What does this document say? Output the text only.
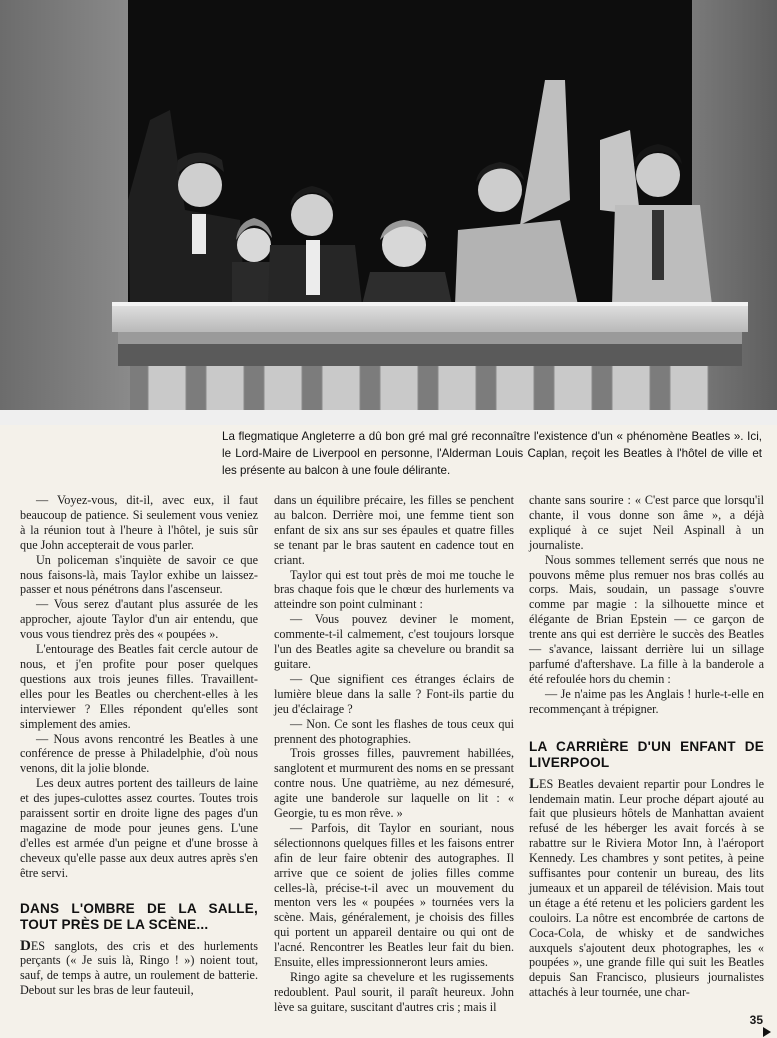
La flegmatique Angleterre a dû bon gré mal gré reconnaître l'existence d'un « phénomène Beatles ». Ici, le Lord-Maire de Liverpool en personne, l'Alderman Louis Caplan, reçoit les Beatles à l'hôtel de ville et les présente au balcon à une foule délirante.

— Voyez-vous, dit-il, avec eux, il faut beaucoup de patience. Si seulement vous veniez à la réunion tout à l'heure à l'hôtel, je suis sûr que John accepterait de vous parler.

Un policeman s'inquiète de savoir ce que nous faisons-là, mais Taylor exhibe un laissez-passer et nous pénétrons dans l'ascenseur.

— Vous serez d'autant plus assurée de les approcher, ajoute Taylor d'un air entendu, que vous vous tiendrez près des « poupées ».

L'entourage des Beatles fait cercle autour de nous, et j'en profite pour poser quelques questions aux trois jeunes filles. Travaillent-elles pour les Beatles ou cherchent-elles à les interviewer ? Elles répondent qu'elles sont simplement des amies.

— Nous avons rencontré les Beatles à une conférence de presse à Philadelphie, d'où nous venons, dit la jolie blonde.

Les deux autres portent des tailleurs de laine et des jupes-culottes assez courtes. Toutes trois paraissent sortir en droite ligne des pages d'un magazine de mode pour jeunes gens. L'une d'elles est armée d'un peigne et d'une brosse à cheveux qu'elle passe aux deux autres après s'en être servi.

DANS L'OMBRE DE LA SALLE, TOUT PRÈS DE LA SCÈNE...

DES sanglots, des cris et des hurlements perçants (« Je suis là, Ringo ! ») noient tout, sauf, de temps à autre, un roulement de batterie. Debout sur les bras de leur fauteuil,

dans un équilibre précaire, les filles se penchent au balcon. Derrière moi, une femme tient son enfant de six ans sur ses épaules et quatre filles se tenant par le bras sautent en cadence tout en criant.

Taylor qui est tout près de moi me touche le bras chaque fois que le chœur des hurlements va atteindre son point culminant :

— Vous pouvez deviner le moment, commente-t-il calmement, c'est toujours lorsque l'un des Beatles agite sa chevelure ou brandit sa guitare.

— Que signifient ces étranges éclairs de lumière bleue dans la salle ? Font-ils partie du jeu d'éclairage ?

— Non. Ce sont les flashes de tous ceux qui prennent des photographies.

Trois grosses filles, pauvrement habillées, sanglotent et murmurent des noms en se pressant contre nous. Une quatrième, au nez démesuré, agite une banderole sur laquelle on lit : « Georgie, tu es mon rêve. »

— Parfois, dit Taylor en souriant, nous sélectionnons quelques filles et les faisons entrer afin de leur faire obtenir des autographes. Il arrive que ce soient de jolies filles comme celles-là, précise-t-il avec un mouvement du menton vers les « poupées » tournées vers la scène. Mais, généralement, je choisis des filles qui portent un appareil dentaire ou qui ont de l'acné. Rencontrer les Beatles leur fait du bien. Ensuite, elles impressionneront leurs amies.

Ringo agite sa chevelure et les rugissements redoublent. Paul sourit, il paraît heureux. John lève sa guitare, suscitant d'autres cris ; mais il

chante sans sourire : « C'est parce que lorsqu'il chante, il vous donne son âme », a déjà expliqué à ce sujet Neil Aspinall à un journaliste.

Nous sommes tellement serrés que nous ne pouvons même plus remuer nos bras collés au corps. Mais, soudain, un passage s'ouvre comme par magie : la silhouette mince et élégante de Brian Epstein — ce garçon de trente ans qui est derrière le succès des Beatles — s'avance, laissant derrière lui un sillage parfumé d'aftershave. La fille à la banderole a été refoulée hors du chemin :

— Je n'aime pas les Anglais ! hurle-t-elle en recommençant à trépigner.

LA CARRIÈRE D'UN ENFANT DE LIVERPOOL

LES Beatles devaient repartir pour Londres le lendemain matin. Leur proche départ ajouté au fait que plusieurs hôtels de Manhattan avaient refusé de les héberger les avait forcés à se rabattre sur le Riviera Motor Inn, à l'aéroport Kennedy. Les chambres y sont petites, à peine suffisantes pour contenir un bureau, des lits jumeaux et un appareil de télévision. Mais tout un étage a été retenu et les policiers gardent les couloirs. La nôtre est encombrée de cartons de Coca-Cola, de whisky et de sandwiches auxquels s'ajoutent deux photographes, les « poupées », une grande fille qui suit les Beatles depuis San Francisco, plusieurs journalistes attachés à leur tournée, une char-

35
